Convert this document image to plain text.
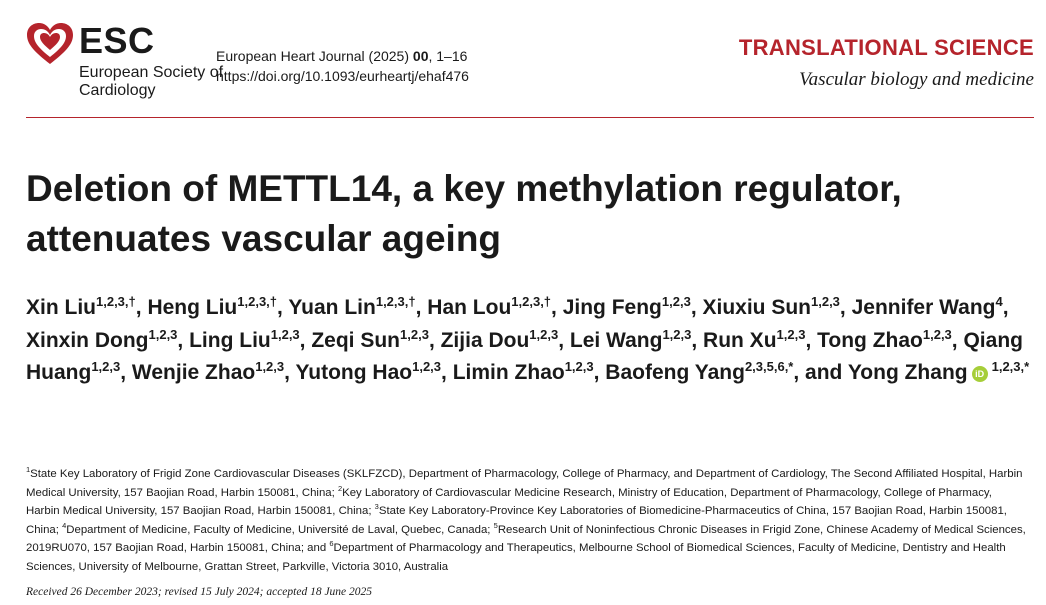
ESC
European Society of Cardiology
European Heart Journal (2025) 00, 1–16
https://doi.org/10.1093/eurheartj/ehaf476
TRANSLATIONAL SCIENCE
Vascular biology and medicine
Deletion of METTL14, a key methylation regulator, attenuates vascular ageing

Xin Liu$^{1,2,3,\dagger}$, Heng Liu$^{1,2,3,\dagger}$, Yuan Lin$^{1,2,3,\dagger}$, Han Lou$^{1,2,3,\dagger}$, Jing Feng$^{1,2,3}$, Xiuxiu Sun$^{1,2,3}$, Jennifer Wang$^4$, Xinxin Dong$^{1,2,3}$, Ling Liu$^{1,2,3}$, Zeqi Sun$^{1,2,3}$, Zijia Dou$^{1,2,3}$, Lei Wang$^{1,2,3}$, Run Xu$^{1,2,3}$, Tong Zhao$^{1,2,3}$, Qiang Huang$^{1,2,3}$, Wenjie Zhao$^{1,2,3}$, Yutong Hao$^{1,2,3}$, Limin Zhao$^{1,2,3}$, Baofeng Yang$^{2,3,5,6,*}$, and Yong Zhang iD $^{1,2,3,*}$

$^1$State Key Laboratory of Frigid Zone Cardiovascular Diseases (SKLFZCD), Department of Pharmacology, College of Pharmacy, and Department of Cardiology, The Second Affiliated Hospital, Harbin Medical University, 157 Baojian Road, Harbin 150081, China; $^2$Key Laboratory of Cardiovascular Medicine Research, Ministry of Education, Department of Pharmacology, College of Pharmacy, Harbin Medical University, 157 Baojian Road, Harbin 150081, China; $^3$State Key Laboratory-Province Key Laboratories of Biomedicine-Pharmaceutics of China, 157 Baojian Road, Harbin 150081, China; $^4$Department of Medicine, Faculty of Medicine, Université de Laval, Quebec, Canada; $^5$Research Unit of Noninfectious Chronic Diseases in Frigid Zone, Chinese Academy of Medical Sciences, 2019RU070, 157 Baojian Road, Harbin 150081, China; and $^6$Department of Pharmacology and Therapeutics, Melbourne School of Biomedical Sciences, Faculty of Medicine, Dentistry and Health Sciences, University of Melbourne, Grattan Street, Parkville, Victoria 3010, Australia

Received 26 December 2023; revised 15 July 2024; accepted 18 June 2025
